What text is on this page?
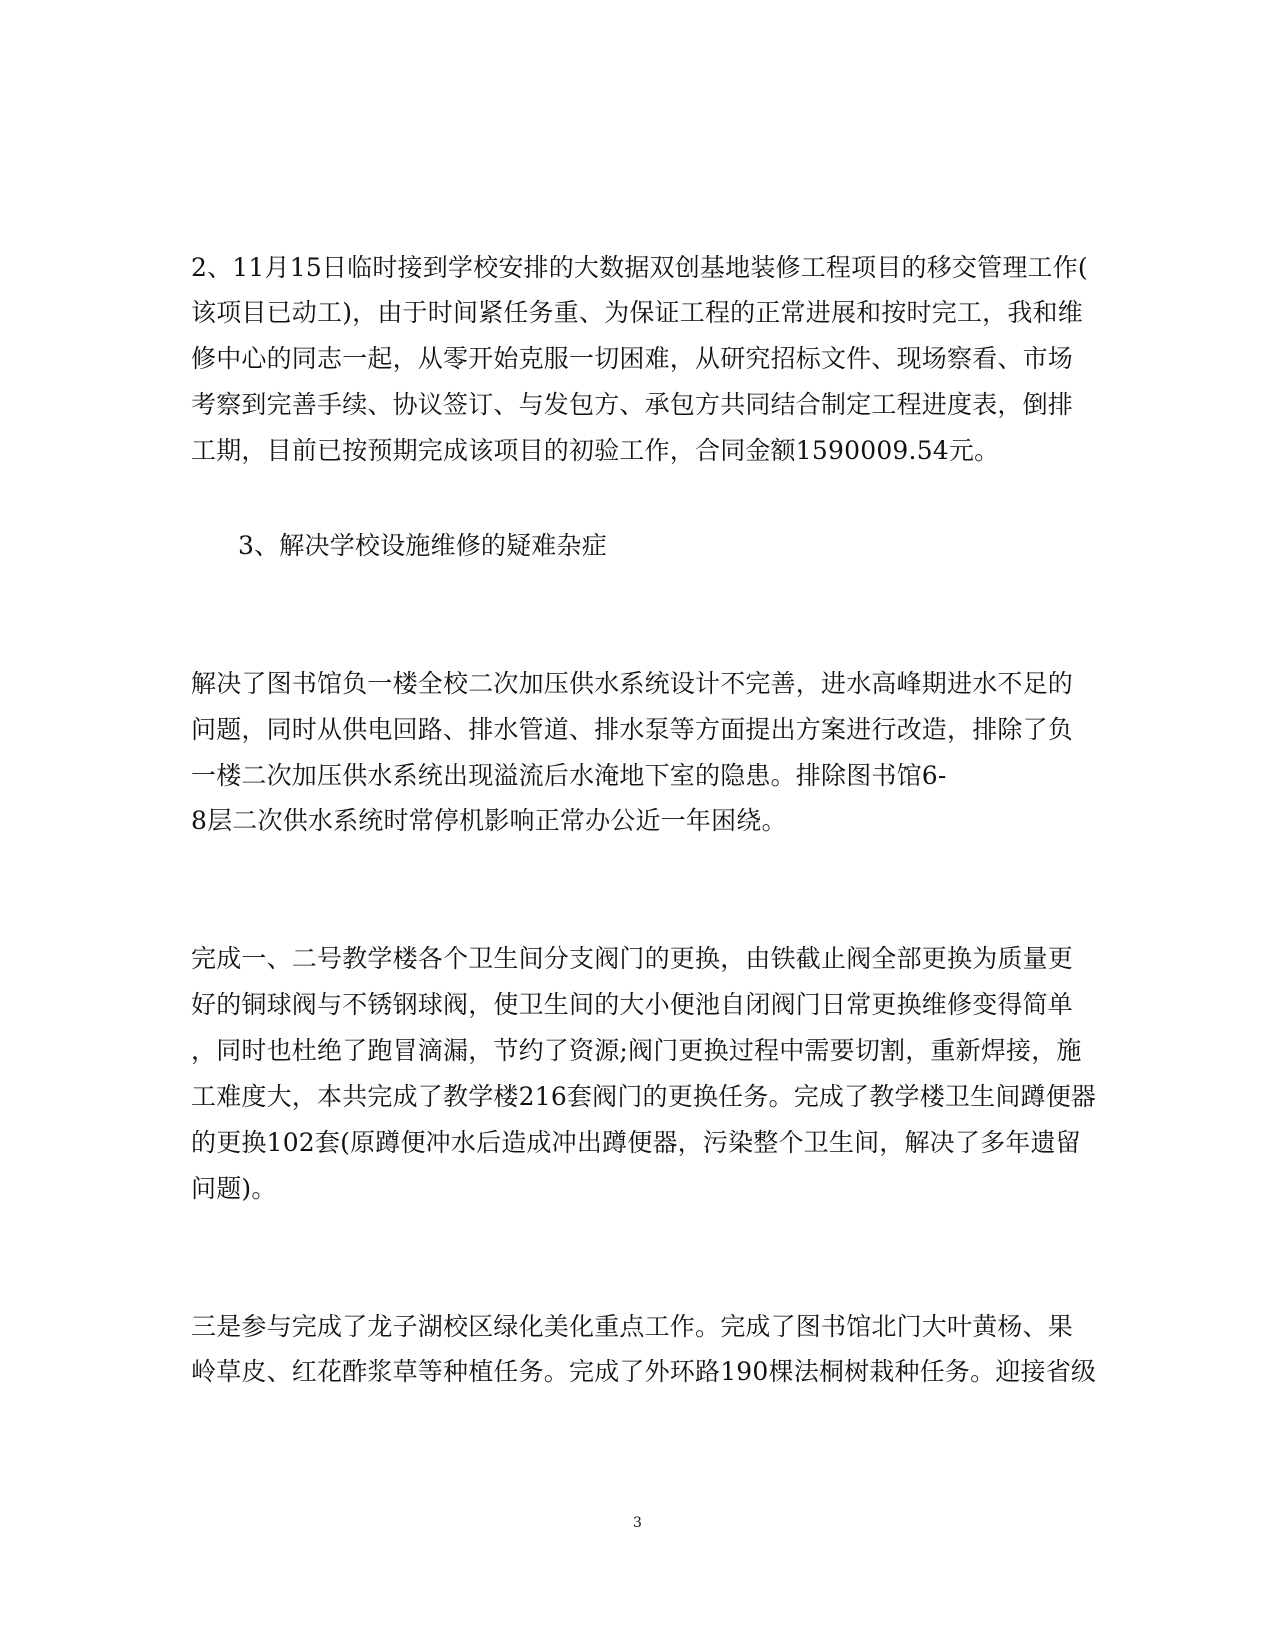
2、11月15日临时接到学校安排的大数据双创基地装修工程项目的移交管理工作(
该项目已动工)，由于时间紧任务重、为保证工程的正常进展和按时完工，我和维
修中心的同志一起，从零开始克服一切困难，从研究招标文件、现场察看、市场
考察到完善手续、协议签订、与发包方、承包方共同结合制定工程进度表，倒排
工期，目前已按预期完成该项目的初验工作，合同金额1590009.54元。
3、解决学校设施维修的疑难杂症
解决了图书馆负一楼全校二次加压供水系统设计不完善，进水高峰期进水不足的
问题，同时从供电回路、排水管道、排水泵等方面提出方案进行改造，排除了负
一楼二次加压供水系统出现溢流后水淹地下室的隐患。排除图书馆6-
8层二次供水系统时常停机影响正常办公近一年困绕。
完成一、二号教学楼各个卫生间分支阀门的更换，由铁截止阀全部更换为质量更
好的铜球阀与不锈钢球阀，使卫生间的大小便池自闭阀门日常更换维修变得简单
，同时也杜绝了跑冒滴漏，节约了资源;阀门更换过程中需要切割，重新焊接，施
工难度大，本共完成了教学楼216套阀门的更换任务。完成了教学楼卫生间蹲便器
的更换102套(原蹲便冲水后造成冲出蹲便器，污染整个卫生间，解决了多年遗留
问题)。
三是参与完成了龙子湖校区绿化美化重点工作。完成了图书馆北门大叶黄杨、果
岭草皮、红花酢浆草等种植任务。完成了外环路190棵法桐树栽种任务。迎接省级
3
